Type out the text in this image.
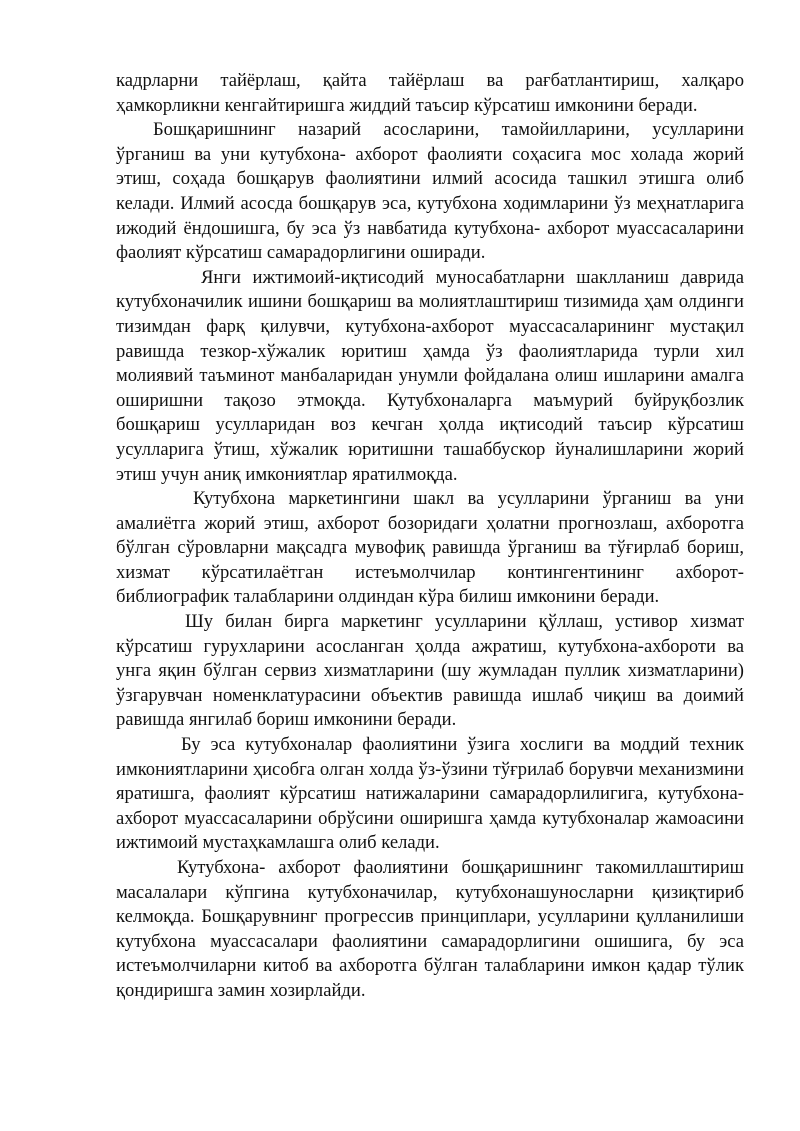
кадрларни тайёрлаш, қайта тайёрлаш ва рағбатлантириш, халқаро ҳамкорликни кенгайтиришга жиддий таъсир кўрсатиш имконини беради.

Бошқаришнинг назарий асосларини, тамойилларини, усулларини ўрганиш ва уни кутубхона- ахборот фаолияти соҳасига мос холада жорий этиш, соҳада бошқарув фаолиятини илмий асосида ташкил этишга олиб келади. Илмий асосда бошқарув эса, кутубхона ходимларини ўз меҳнатларига ижодий ёндошишга, бу эса ўз навбатида кутубхона- ахборот муассасаларини фаолият кўрсатиш самарадорлигини оширади.

Янги ижтимоий-иқтисодий муносабатларни шаклланиш даврида кутубхоначилик ишини бошқариш ва молиятлаштириш тизимида ҳам олдинги тизимдан фарқ қилувчи, кутубхона-ахборот муассасаларининг мустақил равишда тезкор-хўжалик юритиш ҳамда ўз фаолиятларида турли хил молиявий таъминот манбаларидан унумли фойдалана олиш ишларини амалга оширишни тақозо этмоқда. Кутубхоналарга маъмурий буйруқбозлик бошқариш усулларидан воз кечган ҳолда иқтисодий таъсир кўрсатиш усулларига ўтиш, хўжалик юритишни ташаббускор йуналишларини жорий этиш учун аниқ имкониятлар яратилмоқда.

Кутубхона маркетингини шакл ва усулларини ўрганиш ва уни амалиётга жорий этиш, ахборот бозоридаги ҳолатни прогнозлаш, ахборотга бўлган сўровларни мақсадга мувофиқ равишда ўрганиш ва тўғирлаб бориш, хизмат кўрсатилаётган истеъмолчилар контингентининг ахборот-библиографик талабларини олдиндан кўра билиш имконини беради.

Шу билан бирга маркетинг усулларини қўллаш, устивор хизмат кўрсатиш гурухларини асосланган ҳолда ажратиш, кутубхона-ахбороти ва унга яқин бўлган сервиз хизматларини (шу жумладан пуллик хизматларини) ўзгарувчан номенклатурасини объектив равишда ишлаб чиқиш ва доимий равишда янгилаб бориш имконини беради.

Бу эса кутубхоналар фаолиятини ўзига хослиги ва моддий техник имкониятларини ҳисобга олган холда ўз-ўзини тўғрилаб борувчи механизмини яратишга, фаолият кўрсатиш натижаларини самарадорлилигига, кутубхона-ахборот муассасаларини обрўсини оширишга ҳамда кутубхоналар жамоасини ижтимоий мустаҳкамлашга олиб келади.

Кутубхона- ахборот фаолиятини бошқаришнинг такомиллаштириш масалалари кўпгина кутубхоначилар, кутубхонашуносларни қизиқтириб келмоқда. Бошқарувнинг прогрессив принциплари, усулларини қулланилиши кутубхона муассасалари фаолиятини самарадорлигини ошишига, бу эса истеъмолчиларни китоб ва ахборотга бўлган талабларини имкон қадар тўлик қондиришга замин хозирлайди.
